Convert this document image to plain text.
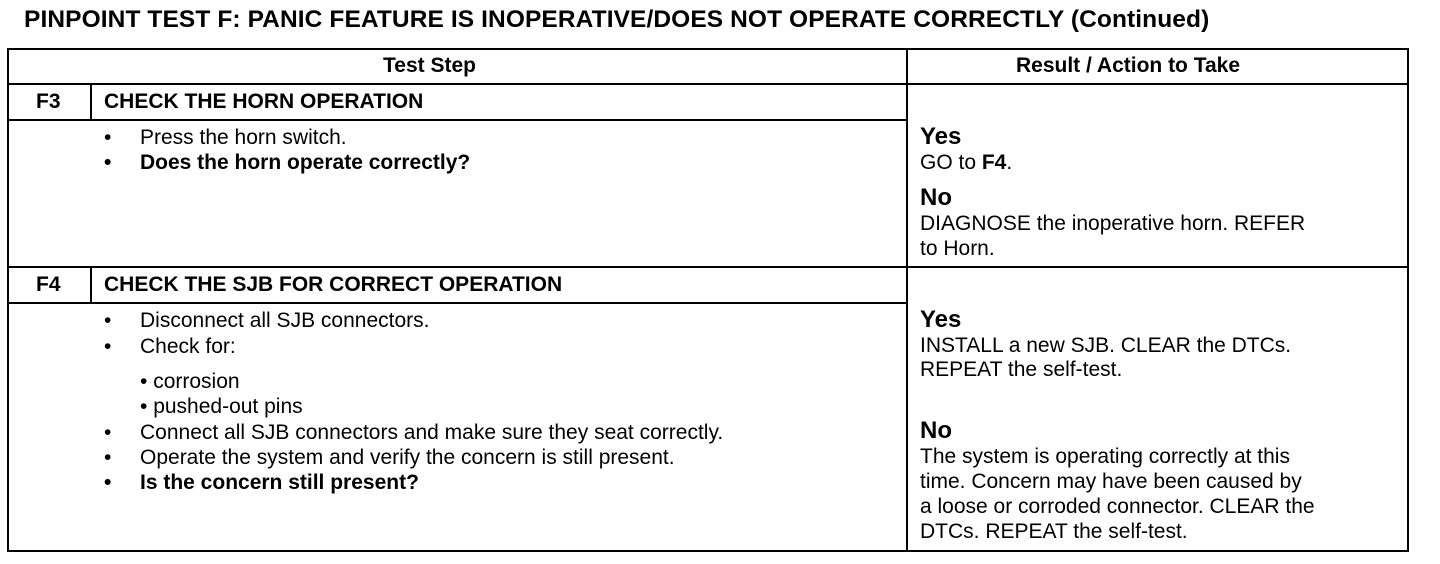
PINPOINT TEST F: PANIC FEATURE IS INOPERATIVE/DOES NOT OPERATE CORRECTLY (Continued)
Test Step	Result / Action to Take
F3 CHECK THE HORN OPERATION
• Press the horn switch.
• Does the horn operate correctly?
Yes
GO to F4.
No
DIAGNOSE the inoperative horn. REFER
to Horn.
F4 CHECK THE SJB FOR CORRECT OPERATION
• Disconnect all SJB connectors.
• Check for:
• corrosion
• pushed-out pins
• Connect all SJB connectors and make sure they seat correctly.
• Operate the system and verify the concern is still present.
• Is the concern still present?
Yes
INSTALL a new SJB. CLEAR the DTCs.
REPEAT the self-test.
No
The system is operating correctly at this
time. Concern may have been caused by
a loose or corroded connector. CLEAR the
DTCs. REPEAT the self-test.
